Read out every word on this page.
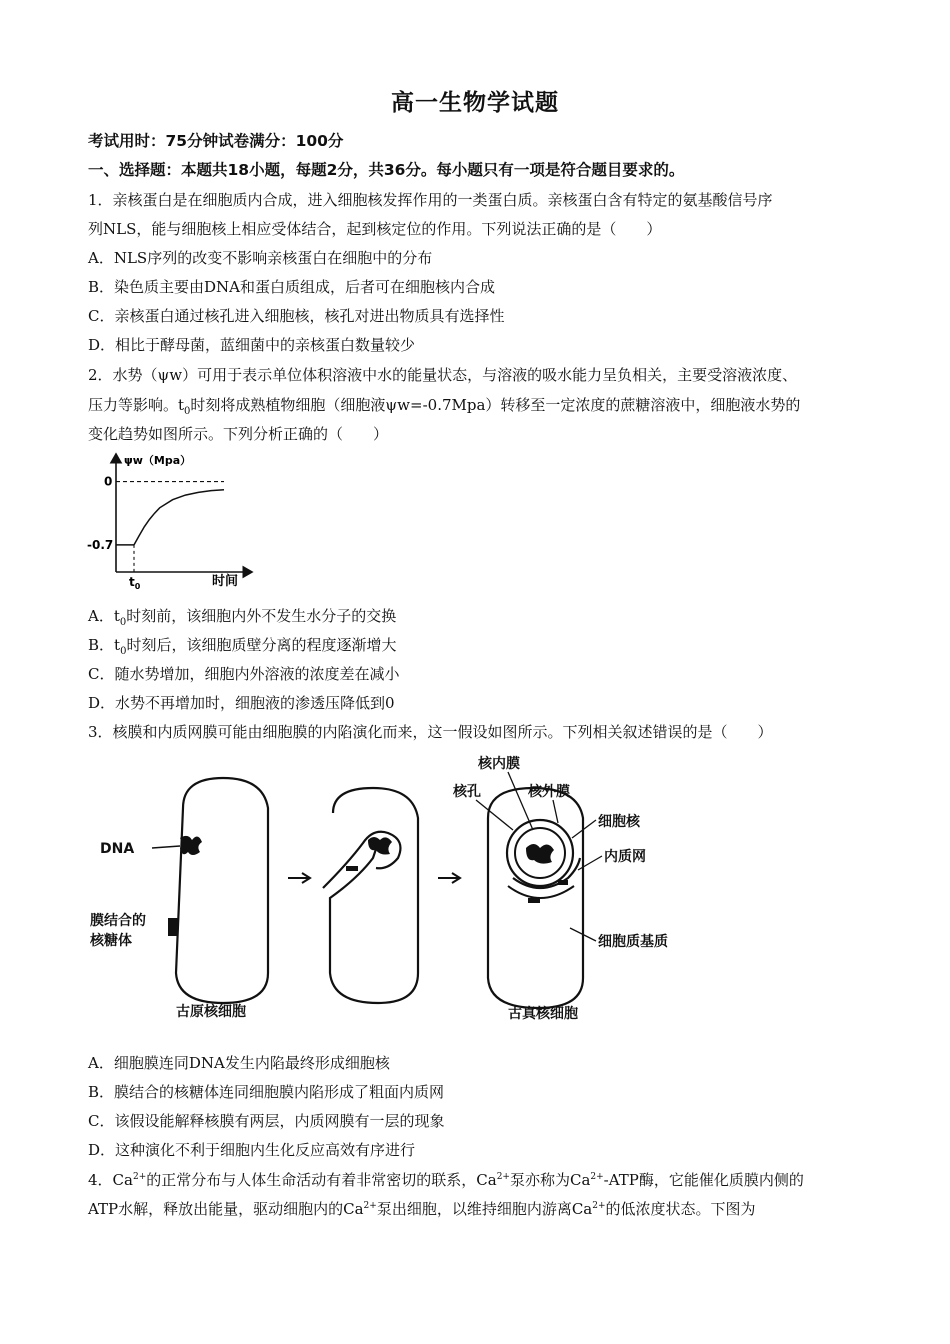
高一生物学试题
考试用时：75分钟试卷满分：100分
一、选择题：本题共18小题，每题2分，共36分。每小题只有一项是符合题目要求的。
1．亲核蛋白是在细胞质内合成，进入细胞核发挥作用的一类蛋白质。亲核蛋白含有特定的氨基酸信号序
列NLS，能与细胞核上相应受体结合，起到核定位的作用。下列说法正确的是（　　）
A．NLS序列的改变不影响亲核蛋白在细胞中的分布
B．染色质主要由DNA和蛋白质组成，后者可在细胞核内合成
C．亲核蛋白通过核孔进入细胞核，核孔对进出物质具有选择性
D．相比于酵母菌，蓝细菌中的亲核蛋白数量较少
2．水势（ψw）可用于表示单位体积溶液中水的能量状态，与溶液的吸水能力呈负相关，主要受溶液浓度、
压力等影响。$t_0$时刻将成熟植物细胞（细胞液ψw=-0.7Mpa）转移至一定浓度的蔗糖溶液中，细胞液水势的
变化趋势如图所示。下列分析正确的（　　）
ψw（Mpa）
0
-0.7
$t_0$	时间
A．$t_0$时刻前，该细胞内外不发生水分子的交换
B．$t_0$时刻后，该细胞质壁分离的程度逐渐增大
C．随水势增加，细胞内外溶液的浓度差在减小
D．水势不再增加时，细胞液的渗透压降低到0
3．核膜和内质网膜可能由细胞膜的内陷演化而来，这一假设如图所示。下列相关叙述错误的是（　　）
DNA
膜结合的
核糖体
古原核细胞
核内膜
核孔	核外膜
细胞核
内质网
细胞质基质
古真核细胞
A．细胞膜连同DNA发生内陷最终形成细胞核
B．膜结合的核糖体连同细胞膜内陷形成了粗面内质网
C．该假设能解释核膜有两层，内质网膜有一层的现象
D．这种演化不利于细胞内生化反应高效有序进行
4．$Ca^{2+}$的正常分布与人体生命活动有着非常密切的联系，$Ca^{2+}$泵亦称为$Ca^{2+}$-ATP酶，它能催化质膜内侧的
ATP水解，释放出能量，驱动细胞内的$Ca^{2+}$泵出细胞，以维持细胞内游离$Ca^{2+}$的低浓度状态。下图为
